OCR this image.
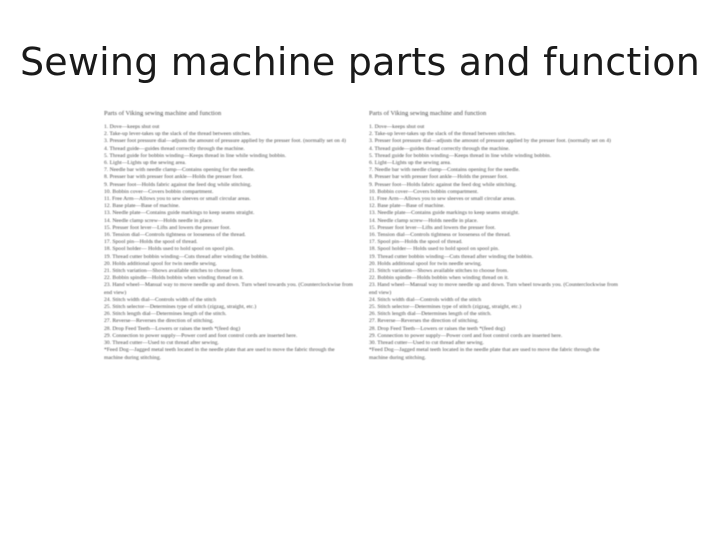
Sewing machine parts and function
Parts of Viking sewing machine and function
1. Dove—keeps shut out
2. Take-up lever-takes up the slack of the thread between stitches.
3. Presser foot pressure dial—adjusts the amount of pressure applied by the presser foot. (normally set on 4)
4. Thread guide—guides thread correctly through the machine.
5. Thread guide for bobbin winding—Keeps thread in line while winding bobbin.
6. Light—Lights up the sewing area.
7. Needle bar with needle clamp—Contains opening for the needle.
8. Presser bar with presser foot ankle—Holds the presser foot.
9. Presser foot—Holds fabric against the feed dog while stitching.
10. Bobbin cover—Covers bobbin compartment.
11. Free Arm—Allows you to sew sleeves or small circular areas.
12. Base plate—Base of machine.
13. Needle plate—Contains guide markings to keep seams straight.
14. Needle clamp screw—Holds needle in place.
15. Presser foot lever—Lifts and lowers the presser foot.
16. Tension dial—Controls tightness or looseness of the thread.
17. Spool pin—Holds the spool of thread.
18. Spool holder— Holds used to hold spool on spool pin.
19. Thread cutter bobbin winding—Cuts thread after winding the bobbin.
20. Holds additional spool for twin needle sewing.
21. Stitch variation—Shows available stitches to choose from.
22. Bobbin spindle—Holds bobbin when winding thread on it.
23. Hand wheel—Manual way to move needle up and down. Turn wheel towards you. (Counterclockwise from end view)
24. Stitch width dial—Controls width of the stitch
25. Stitch selector—Determines type of stitch (zigzag, straight, etc.)
26. Stitch length dial—Determines length of the stitch.
27. Reverse—Reverses the direction of stitching.
28. Drop Feed Teeth—Lowers or raises the teeth *(feed dog)
29. Connection to power supply—Power cord and foot control cords are inserted here.
30. Thread cutter—Used to cut thread after sewing.

*Feed Dog—Jagged metal teeth located in the needle plate that are used to move the fabric through the machine during stitching.

Parts of Viking sewing machine and function
1. Dove—keeps shut out
2. Take-up lever-takes up the slack of the thread between stitches.
3. Presser foot pressure dial—adjusts the amount of pressure applied by the presser foot. (normally set on 4)
4. Thread guide—guides thread correctly through the machine.
5. Thread guide for bobbin winding—Keeps thread in line while winding bobbin.
6. Light—Lights up the sewing area.
7. Needle bar with needle clamp—Contains opening for the needle.
8. Presser bar with presser foot ankle—Holds the presser foot.
9. Presser foot—Holds fabric against the feed dog while stitching.
10. Bobbin cover—Covers bobbin compartment.
11. Free Arm—Allows you to sew sleeves or small circular areas.
12. Base plate—Base of machine.
13. Needle plate—Contains guide markings to keep seams straight.
14. Needle clamp screw—Holds needle in place.
15. Presser foot lever—Lifts and lowers the presser foot.
16. Tension dial—Controls tightness or looseness of the thread.
17. Spool pin—Holds the spool of thread.
18. Spool holder— Holds used to hold spool on spool pin.
19. Thread cutter bobbin winding—Cuts thread after winding the bobbin.
20. Holds additional spool for twin needle sewing.
21. Stitch variation—Shows available stitches to choose from.
22. Bobbin spindle—Holds bobbin when winding thread on it.
23. Hand wheel—Manual way to move needle up and down. Turn wheel towards you. (Counterclockwise from end view)
24. Stitch width dial—Controls width of the stitch
25. Stitch selector—Determines type of stitch (zigzag, straight, etc.)
26. Stitch length dial—Determines length of the stitch.
27. Reverse—Reverses the direction of stitching.
28. Drop Feed Teeth—Lowers or raises the teeth *(feed dog)
29. Connection to power supply—Power cord and foot control cords are inserted here.
30. Thread cutter—Used to cut thread after sewing.

*Feed Dog—Jagged metal teeth located in the needle plate that are used to move the fabric through the machine during stitching.
